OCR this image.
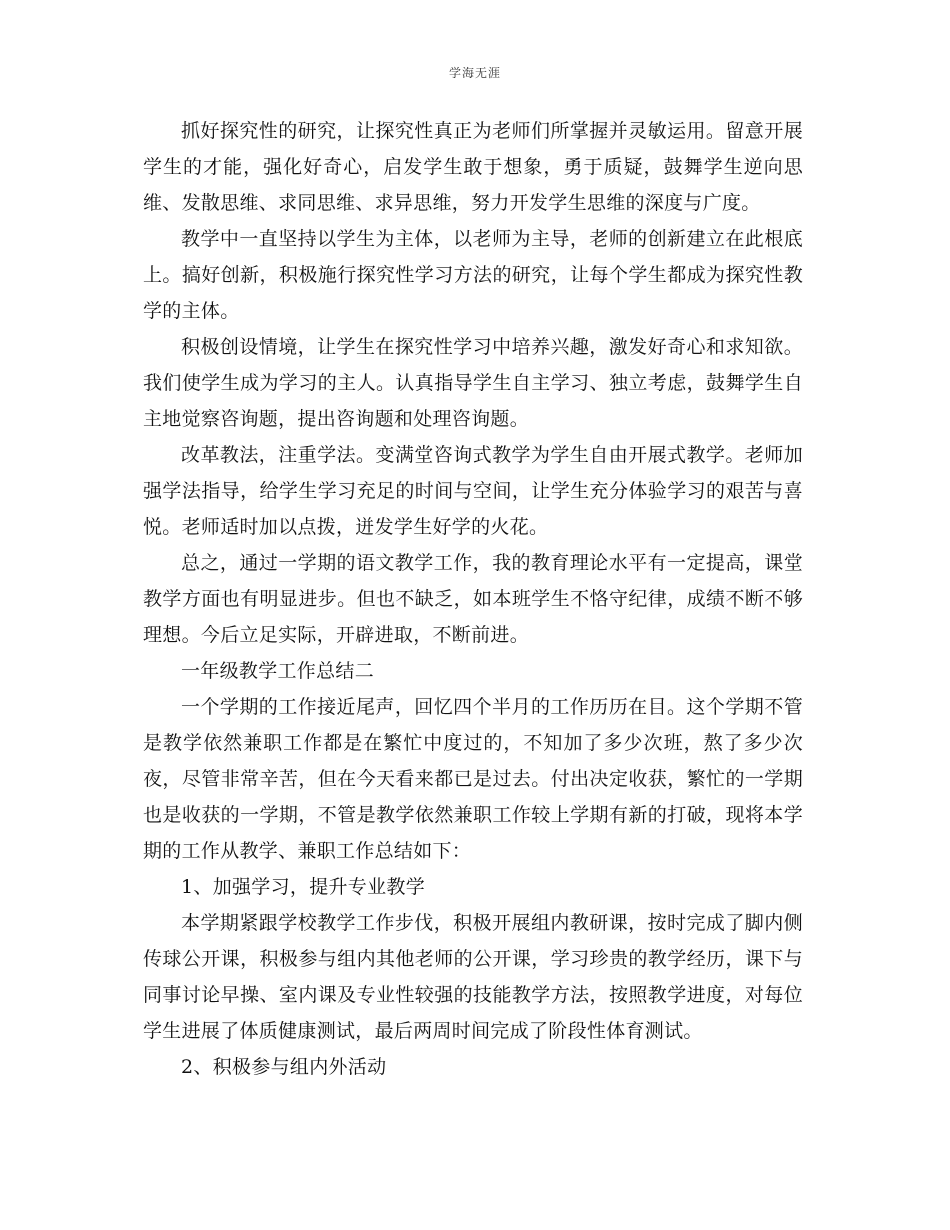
学海无涯

抓好探究性的研究，让探究性真正为老师们所掌握并灵敏运用。留意开展学生的才能，强化好奇心，启发学生敢于想象，勇于质疑，鼓舞学生逆向思维、发散思维、求同思维、求异思维，努力开发学生思维的深度与广度。

教学中一直坚持以学生为主体，以老师为主导，老师的创新建立在此根底上。搞好创新，积极施行探究性学习方法的研究，让每个学生都成为探究性教学的主体。

积极创设情境，让学生在探究性学习中培养兴趣，激发好奇心和求知欲。我们使学生成为学习的主人。认真指导学生自主学习、独立考虑，鼓舞学生自主地觉察咨询题，提出咨询题和处理咨询题。

改革教法，注重学法。变满堂咨询式教学为学生自由开展式教学。老师加强学法指导，给学生学习充足的时间与空间，让学生充分体验学习的艰苦与喜悦。老师适时加以点拨，迸发学生好学的火花。

总之，通过一学期的语文教学工作，我的教育理论水平有一定提高，课堂教学方面也有明显进步。但也不缺乏，如本班学生不恪守纪律，成绩不断不够理想。今后立足实际，开辟进取，不断前进。

一年级教学工作总结二

一个学期的工作接近尾声，回忆四个半月的工作历历在目。这个学期不管是教学依然兼职工作都是在繁忙中度过的，不知加了多少次班，熬了多少次夜，尽管非常辛苦，但在今天看来都已是过去。付出决定收获，繁忙的一学期也是收获的一学期，不管是教学依然兼职工作较上学期有新的打破，现将本学期的工作从教学、兼职工作总结如下：

1、加强学习，提升专业教学

本学期紧跟学校教学工作步伐，积极开展组内教研课，按时完成了脚内侧传球公开课，积极参与组内其他老师的公开课，学习珍贵的教学经历，课下与同事讨论早操、室内课及专业性较强的技能教学方法，按照教学进度，对每位学生进展了体质健康测试，最后两周时间完成了阶段性体育测试。

2、积极参与组内外活动
